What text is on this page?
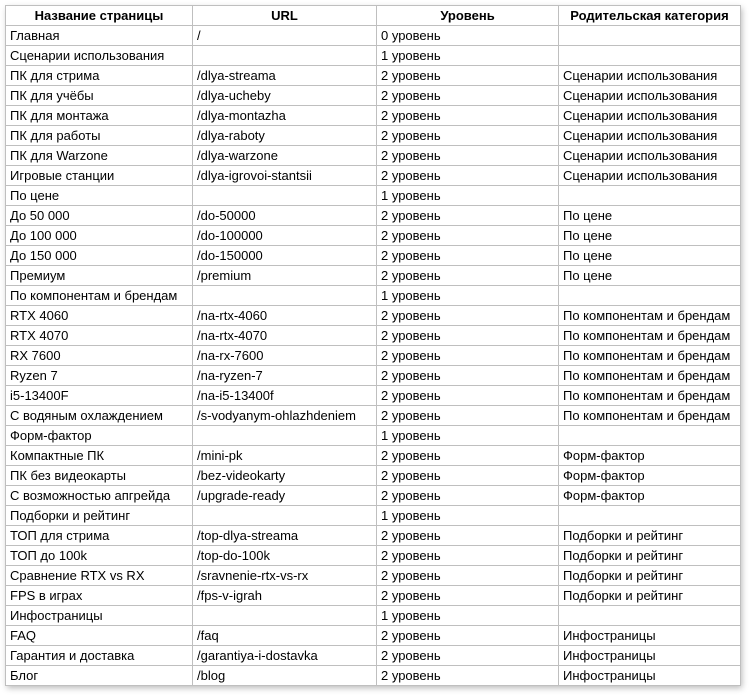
Название страницы	URL	Уровень	Родительская категория
Главная	/	0 уровень	
Сценарии использования		1 уровень	
ПК для стрима	/dlya-streama	2 уровень	Сценарии использования
ПК для учёбы	/dlya-ucheby	2 уровень	Сценарии использования
ПК для монтажа	/dlya-montazha	2 уровень	Сценарии использования
ПК для работы	/dlya-raboty	2 уровень	Сценарии использования
ПК для Warzone	/dlya-warzone	2 уровень	Сценарии использования
Игровые станции	/dlya-igrovoi-stantsii	2 уровень	Сценарии использования
По цене		1 уровень	
До 50 000	/do-50000	2 уровень	По цене
До 100 000	/do-100000	2 уровень	По цене
До 150 000	/do-150000	2 уровень	По цене
Премиум	/premium	2 уровень	По цене
По компонентам и брендам		1 уровень	
RTX 4060	/na-rtx-4060	2 уровень	По компонентам и брендам
RTX 4070	/na-rtx-4070	2 уровень	По компонентам и брендам
RX 7600	/na-rx-7600	2 уровень	По компонентам и брендам
Ryzen 7	/na-ryzen-7	2 уровень	По компонентам и брендам
i5-13400F	/na-i5-13400f	2 уровень	По компонентам и брендам
С водяным охлаждением	/s-vodyanym-ohlazhdeniem	2 уровень	По компонентам и брендам
Форм-фактор		1 уровень	
Компактные ПК	/mini-pk	2 уровень	Форм-фактор
ПК без видеокарты	/bez-videokarty	2 уровень	Форм-фактор
С возможностью апгрейда	/upgrade-ready	2 уровень	Форм-фактор
Подборки и рейтинг		1 уровень	
ТОП для стрима	/top-dlya-streama	2 уровень	Подборки и рейтинг
ТОП до 100k	/top-do-100k	2 уровень	Подборки и рейтинг
Сравнение RTX vs RX	/sravnenie-rtx-vs-rx	2 уровень	Подборки и рейтинг
FPS в играх	/fps-v-igrah	2 уровень	Подборки и рейтинг
Инфостраницы		1 уровень	
FAQ	/faq	2 уровень	Инфостраницы
Гарантия и доставка	/garantiya-i-dostavka	2 уровень	Инфостраницы
Блог	/blog	2 уровень	Инфостраницы
